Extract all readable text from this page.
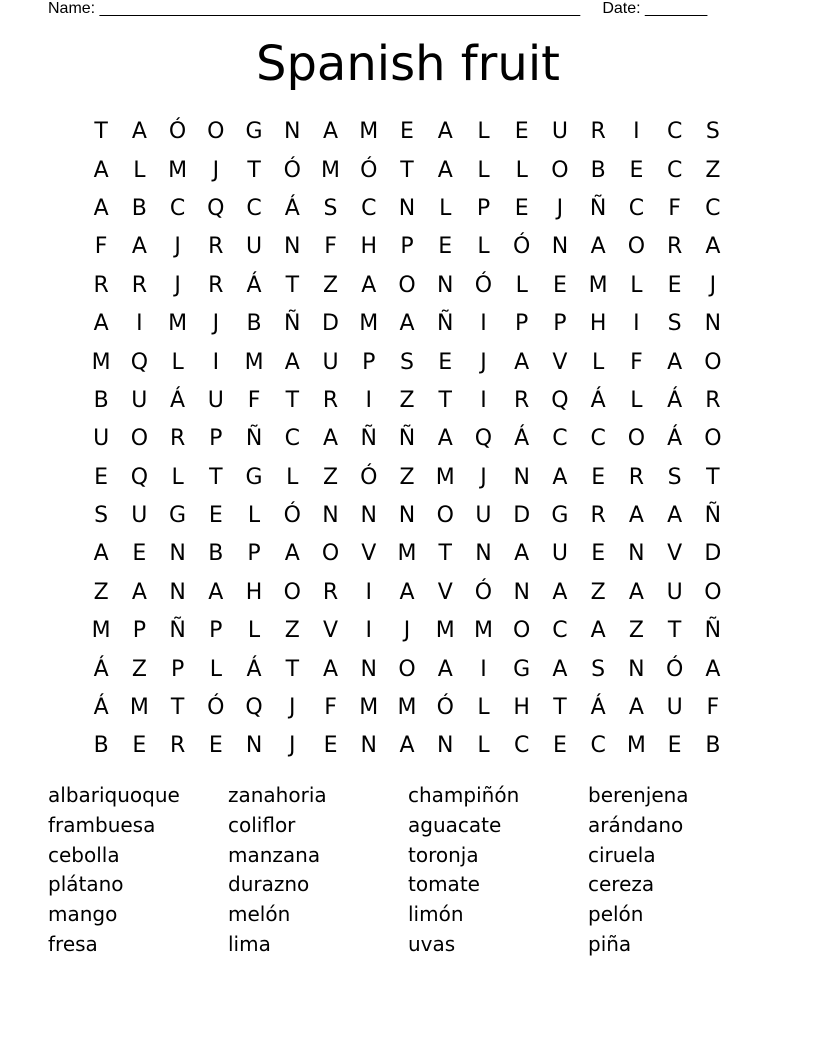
Name: ______________________________________________________     Date: _______
Spanish fruit
T	A	Ó O G N	A M E	A	L	E	U	R	I	C	S
A	L	M	J	T	Ó M Ó	T	A	L	L	O	B	E	C	Z
A	B	C Q C	Á	S	C	N	L	P	E	J	Ñ	C	F	C
F	A	J	R	U N	F	H	P	E	L	Ó N	A	O R	A
R	R	J	R	Á	T	Z	A	O N Ó	L	E M	L	E	J
A	I	M	J	B	Ñ D M A	Ñ	I	P	P	H	I	S	N
M Q	L	I	M A	U	P	S	E	J	A	V	L	F	A	O
B	U	Á	U	F	T	R	I	Z	T	I	R Q	Á	L	Á	R
U O R	P	Ñ	C	A	Ñ Ñ	A	Q	Á	C	C O	Á	O
E	Q	L	T	G	L	Z	Ó	Z M	J	N	A	E	R	S	T
S	U G	E	L	Ó N N N O U D G	R	A	A	Ñ
A	E	N	B	P	A	O	V M	T	N	A	U	E	N	V	D
Z	A	N	A	H O R	I	A	V	Ó N	A	Z	A	U O
M	P	Ñ	P	L	Z	V	I	J	M M O C	A	Z	T	Ñ
Á	Z	P	L	Á	T	A	N O	A	I	G	A	S	N Ó	A
Á M	T	Ó Q	J	F	M M Ó	L	H	T	Á	A	U	F
B	E	R	E	N	J	E	N	A	N	L	C	E	C M E	B
albariquoque
frambuesa
cebolla
plátano
mango
fresa
zanahoria
coliflor
manzana
durazno
melón
lima
champiñón
aguacate
toronja
tomate
limón
uvas
berenjena
arándano
ciruela
cereza
pelón
piña
